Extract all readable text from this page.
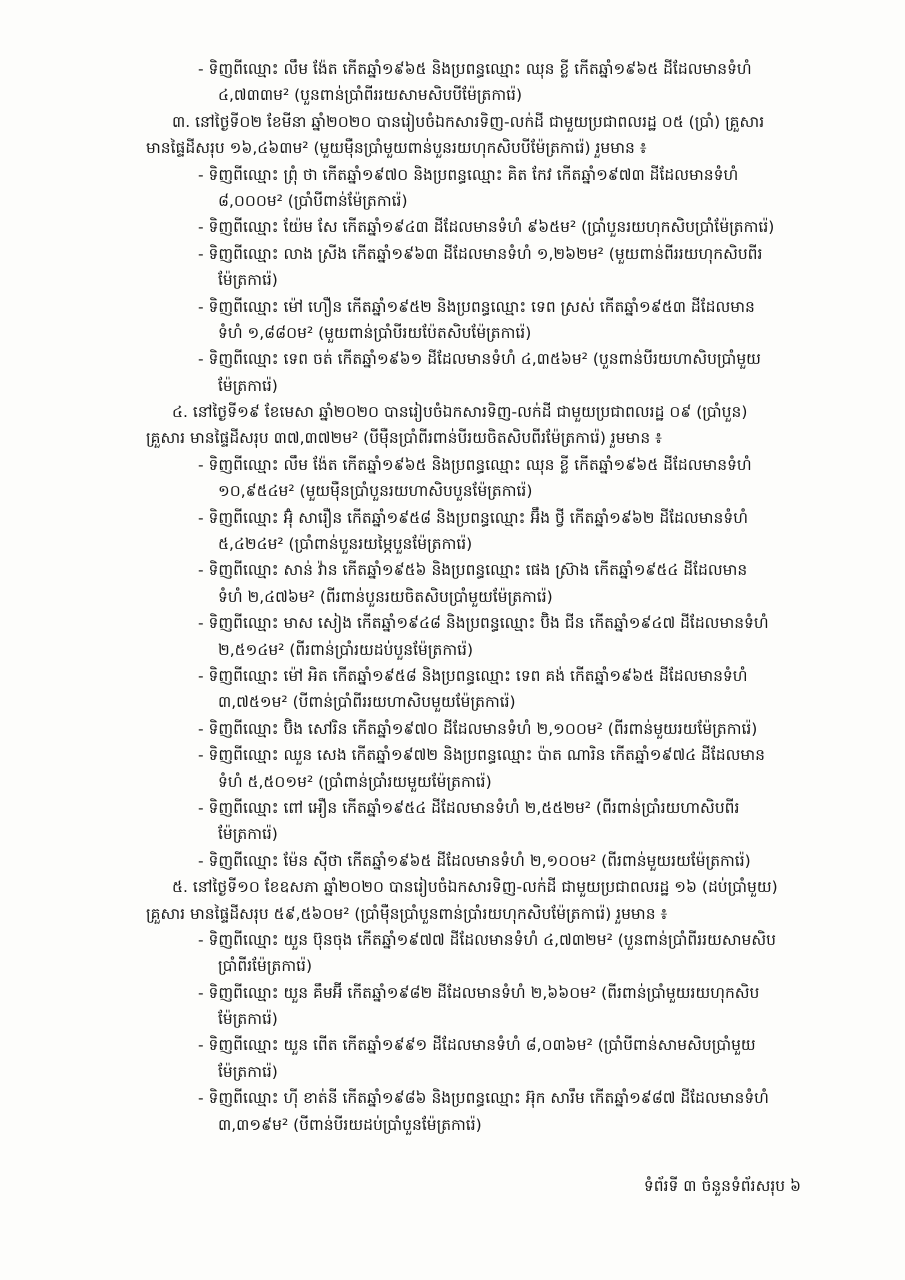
- ទិញពីឈ្មោះ លឹម ង៉ែត កើតឆ្នាំ១៩៦៥ និងប្រពន្ធឈ្មោះ ឈុន ខ្លី កើតឆ្នាំ១៩៦៥ ដីដែលមានទំហំ
៤,៧៣៣ម² (បួនពាន់ប្រាំពីររយសាមសិបបីម៉ែត្រការ៉េ)
៣. នៅថ្ងៃទី០២ ខែមីនា ឆ្នាំ២០២០ បានរៀបចំឯកសារទិញ-លក់ដី ជាមួយប្រជាពលរដ្ឋ ០៥ (ប្រាំ) គ្រួសារ
មានផ្ទៃដីសរុប ១៦,៤៦៣ម² (មួយម៉ឺនប្រាំមួយពាន់បួនរយហុកសិបបីម៉ែត្រការ៉េ) រួមមាន ៖
- ទិញពីឈ្មោះ ព្រុំ ថា កើតឆ្នាំ១៩៧០ និងប្រពន្ធឈ្មោះ គិត កែវ កើតឆ្នាំ១៩៧៣ ដីដែលមានទំហំ
៨,០០០ម² (ប្រាំបីពាន់ម៉ែត្រការ៉េ)
- ទិញពីឈ្មោះ យ៉ែម សែ កើតឆ្នាំ១៩៤៣ ដីដែលមានទំហំ ៩៦៥ម² (ប្រាំបួនរយហុកសិបប្រាំម៉ែត្រការ៉េ)
- ទិញពីឈ្មោះ លាង ស្រីង កើតឆ្នាំ១៩៦៣ ដីដែលមានទំហំ ១,២៦២ម² (មួយពាន់ពីររយហុកសិបពីរ
ម៉ែត្រការ៉េ)
- ទិញពីឈ្មោះ ម៉ៅ ហឿន កើតឆ្នាំ១៩៥២ និងប្រពន្ធឈ្មោះ ទេព ស្រស់ កើតឆ្នាំ១៩៥៣ ដីដែលមាន
ទំហំ ១,៨៨០ម² (មួយពាន់ប្រាំបីរយប៉ែតសិបម៉ែត្រការ៉េ)
- ទិញពីឈ្មោះ ទេព ចត់ កើតឆ្នាំ១៩៦១ ដីដែលមានទំហំ ៤,៣៥៦ម² (បួនពាន់បីរយហាសិបប្រាំមួយ
ម៉ែត្រការ៉េ)
៤. នៅថ្ងៃទី១៩ ខែមេសា ឆ្នាំ២០២០ បានរៀបចំឯកសារទិញ-លក់ដី ជាមួយប្រជាពលរដ្ឋ ០៩ (ប្រាំបួន)
គ្រួសារ មានផ្ទៃដីសរុប ៣៧,៣៧២ម² (បីម៉ឺនប្រាំពីរពាន់បីរយចិតសិបពីរម៉ែត្រការ៉េ) រួមមាន ៖
- ទិញពីឈ្មោះ លឹម ង៉ែត កើតឆ្នាំ១៩៦៥ និងប្រពន្ធឈ្មោះ ឈុន ខ្លី កើតឆ្នាំ១៩៦៥ ដីដែលមានទំហំ
១០,៩៥៤ម² (មួយម៉ឺនប្រាំបួនរយហាសិបបួនម៉ែត្រការ៉េ)
- ទិញពីឈ្មោះ អ៊ុំ សារឿន កើតឆ្នាំ១៩៥៨ និងប្រពន្ធឈ្មោះ អ៊ឹង ថ្វី កើតឆ្នាំ១៩៦២ ដីដែលមានទំហំ
៥,៤២៤ម² (ប្រាំពាន់បួនរយម្ភៃបួនម៉ែត្រការ៉េ)
- ទិញពីឈ្មោះ សាន់ វ៉ាន កើតឆ្នាំ១៩៥៦ និងប្រពន្ធឈ្មោះ ផេង ស្រ៊ាង កើតឆ្នាំ១៩៥៤ ដីដែលមាន
ទំហំ ២,៤៧៦ម² (ពីរពាន់បួនរយចិតសិបប្រាំមួយម៉ែត្រការ៉េ)
- ទិញពីឈ្មោះ មាស សៀង កើតឆ្នាំ១៩៤៨ និងប្រពន្ធឈ្មោះ ប៊ិង ជីន កើតឆ្នាំ១៩៤៧ ដីដែលមានទំហំ
២,៥១៤ម² (ពីរពាន់ប្រាំរយដប់បួនម៉ែត្រការ៉េ)
- ទិញពីឈ្មោះ ម៉ៅ អិត កើតឆ្នាំ១៩៥៨ និងប្រពន្ធឈ្មោះ ទេព គង់ កើតឆ្នាំ១៩៦៥ ដីដែលមានទំហំ
៣,៧៥១ម² (បីពាន់ប្រាំពីររយហាសិបមួយម៉ែត្រការ៉េ)
- ទិញពីឈ្មោះ ប៊ិង សៅរិន កើតឆ្នាំ១៩៧០ ដីដែលមានទំហំ ២,១០០ម² (ពីរពាន់មួយរយម៉ែត្រការ៉េ)
- ទិញពីឈ្មោះ ឈួន សេង កើតឆ្នាំ១៩៧២ និងប្រពន្ធឈ្មោះ ប៉ាត ណារិន កើតឆ្នាំ១៩៧៤ ដីដែលមាន
ទំហំ ៥,៥០១ម² (ប្រាំពាន់ប្រាំរយមួយម៉ែត្រការ៉េ)
- ទិញពីឈ្មោះ ពៅ អឿន កើតឆ្នាំ១៩៥៤ ដីដែលមានទំហំ ២,៥៥២ម² (ពីរពាន់ប្រាំរយហាសិបពីរ
ម៉ែត្រការ៉េ)
- ទិញពីឈ្មោះ ម៉ែន ស៊ីថា កើតឆ្នាំ១៩៦៥ ដីដែលមានទំហំ ២,១០០ម² (ពីរពាន់មួយរយម៉ែត្រការ៉េ)
៥. នៅថ្ងៃទី១០ ខែឧសភា ឆ្នាំ២០២០ បានរៀបចំឯកសារទិញ-លក់ដី ជាមួយប្រជាពលរដ្ឋ ១៦ (ដប់ប្រាំមួយ)
គ្រួសារ មានផ្ទៃដីសរុប ៥៩,៥៦០ម² (ប្រាំម៉ឺនប្រាំបួនពាន់ប្រាំរយហុកសិបម៉ែត្រការ៉េ) រួមមាន ៖
- ទិញពីឈ្មោះ យួន ប៊ុនចុង កើតឆ្នាំ១៩៧៧ ដីដែលមានទំហំ ៤,៧៣២ម² (បួនពាន់ប្រាំពីររយសាមសិប
ប្រាំពីរម៉ែត្រការ៉េ)
- ទិញពីឈ្មោះ យួន គឹមអ៊ី កើតឆ្នាំ១៩៨២ ដីដែលមានទំហំ ២,៦៦០ម² (ពីរពាន់ប្រាំមួយរយហុកសិប
ម៉ែត្រការ៉េ)
- ទិញពីឈ្មោះ យួន ពើត កើតឆ្នាំ១៩៩១ ដីដែលមានទំហំ ៨,០៣៦ម² (ប្រាំបីពាន់សាមសិបប្រាំមួយ
ម៉ែត្រការ៉េ)
- ទិញពីឈ្មោះ ហ៊ី ខាត់នី កើតឆ្នាំ១៩៨៦ និងប្រពន្ធឈ្មោះ អ៊ុក សារឹម កើតឆ្នាំ១៩៨៧ ដីដែលមានទំហំ
៣,៣១៩ម² (បីពាន់បីរយដប់ប្រាំបួនម៉ែត្រការ៉េ)
ទំព័រទី ៣ ចំនួនទំព័រសរុប ៦
